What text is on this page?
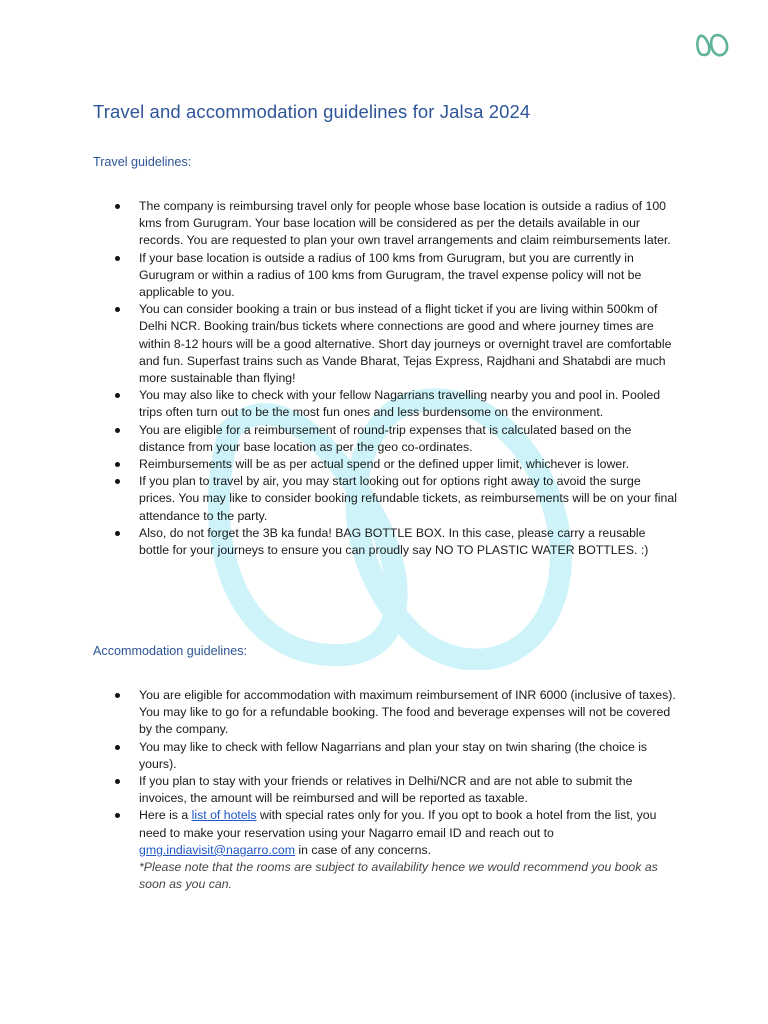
Travel and accommodation guidelines for Jalsa 2024
Travel guidelines:
The company is reimbursing travel only for people whose base location is outside a radius of 100 kms from Gurugram. Your base location will be considered as per the details available in our records. You are requested to plan your own travel arrangements and claim reimbursements later.
If your base location is outside a radius of 100 kms from Gurugram, but you are currently in Gurugram or within a radius of 100 kms from Gurugram, the travel expense policy will not be applicable to you.
You can consider booking a train or bus instead of a flight ticket if you are living within 500km of Delhi NCR. Booking train/bus tickets where connections are good and where journey times are within 8-12 hours will be a good alternative. Short day journeys or overnight travel are comfortable and fun. Superfast trains such as Vande Bharat, Tejas Express, Rajdhani and Shatabdi are much more sustainable than flying!
You may also like to check with your fellow Nagarrians travelling nearby you and pool in. Pooled trips often turn out to be the most fun ones and less burdensome on the environment.
You are eligible for a reimbursement of round-trip expenses that is calculated based on the distance from your base location as per the geo co-ordinates.
Reimbursements will be as per actual spend or the defined upper limit, whichever is lower.
If you plan to travel by air, you may start looking out for options right away to avoid the surge prices. You may like to consider booking refundable tickets, as reimbursements will be on your final attendance to the party.
Also, do not forget the 3B ka funda! BAG BOTTLE BOX. In this case, please carry a reusable bottle for your journeys to ensure you can proudly say NO TO PLASTIC WATER BOTTLES. :)
Accommodation guidelines:
You are eligible for accommodation with maximum reimbursement of INR 6000 (inclusive of taxes). You may like to go for a refundable booking. The food and beverage expenses will not be covered by the company.
You may like to check with fellow Nagarrians and plan your stay on twin sharing (the choice is yours).
If you plan to stay with your friends or relatives in Delhi/NCR and are not able to submit the invoices, the amount will be reimbursed and will be reported as taxable.
Here is a list of hotels with special rates only for you. If you opt to book a hotel from the list, you need to make your reservation using your Nagarro email ID and reach out to gmg.indiavisit@nagarro.com in case of any concerns.
*Please note that the rooms are subject to availability hence we would recommend you book as soon as you can.
